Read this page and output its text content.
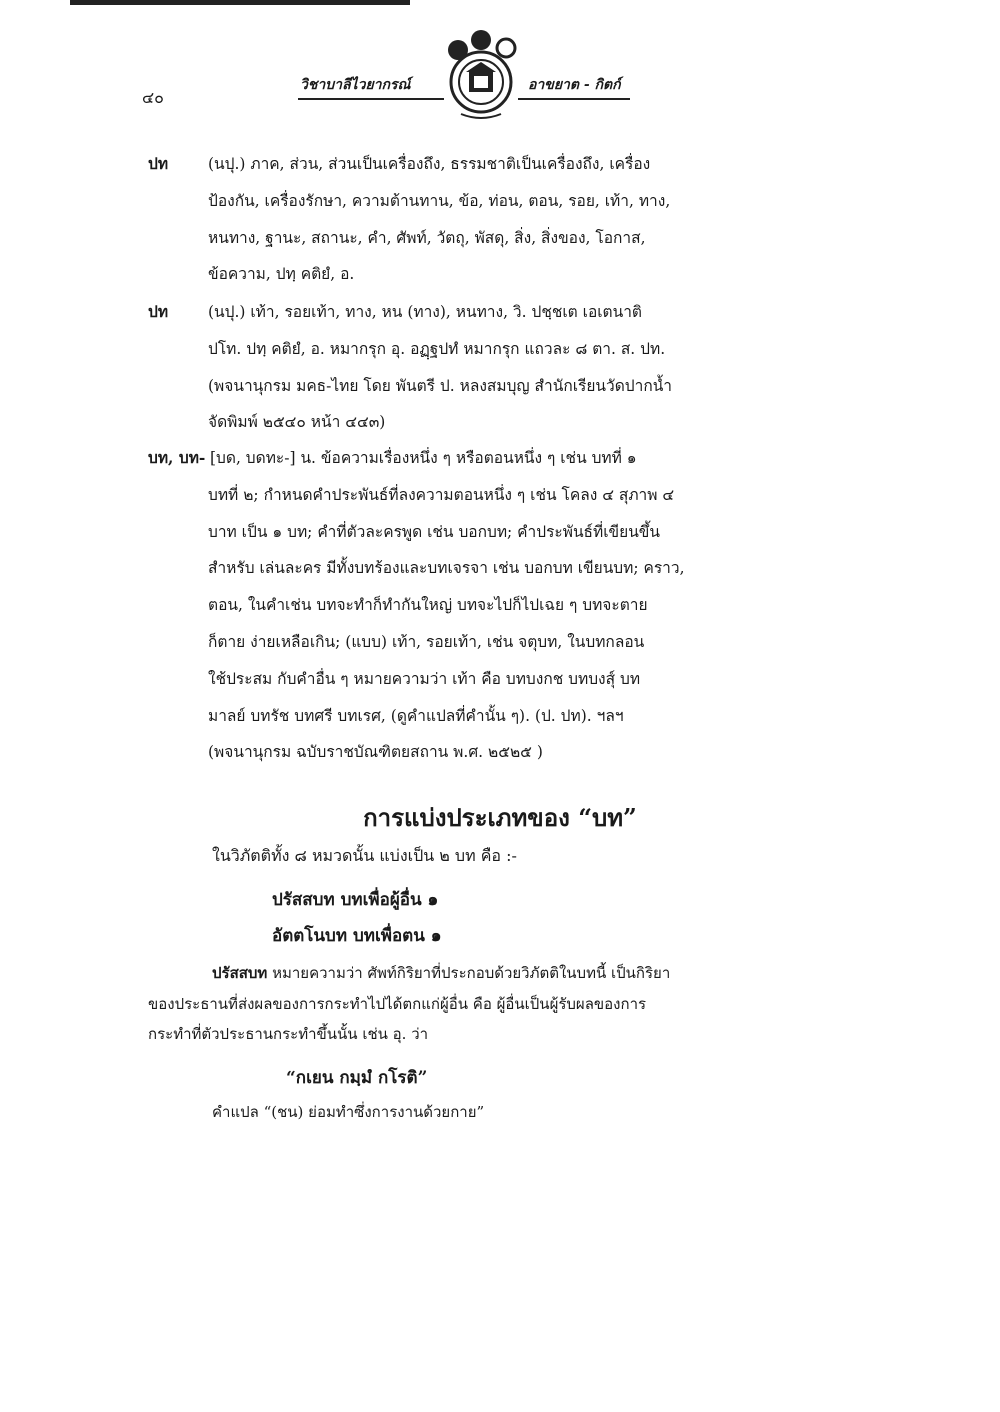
๔๐
วิชาบาลีไวยากรณ์	อาขยาต - กิตก์
ปท	(นปุ.) ภาค, ส่วน, ส่วนเป็นเครื่องถึง, ธรรมชาติเป็นเครื่องถึง, เครื่อง
ป้องกัน, เครื่องรักษา, ความต้านทาน, ข้อ, ท่อน, ตอน, รอย, เท้า, ทาง,
หนทาง, ฐานะ, สถานะ, คำ, ศัพท์, วัตถุ, พัสดุ, สิ่ง, สิ่งของ, โอกาส,
ข้อความ, ปทฺ คติยํ, อ.
ปท	(นปุ.) เท้า, รอยเท้า, ทาง, หน (ทาง), หนทาง, วิ. ปชฺชเต เอเตนาติ
ปโท. ปทฺ คติยํ, อ. หมากรุก อุ. อฏฺฐปทํ หมากรุก แถวละ ๘ ตา. ส. ปท.
(พจนานุกรม มคธ-ไทย โดย พันตรี ป. หลงสมบุญ สำนักเรียนวัดปากน้ำ
จัดพิมพ์ ๒๕๔๐ หน้า ๔๔๓)
บท, บท- [บด, บดทะ-] น. ข้อความเรื่องหนึ่ง ๆ หรือตอนหนึ่ง ๆ เช่น บทที่ ๑
บทที่ ๒; กำหนดคำประพันธ์ที่ลงความตอนหนึ่ง ๆ เช่น โคลง ๔ สุภาพ ๔
บาท เป็น ๑ บท; คำที่ตัวละครพูด เช่น บอกบท; คำประพันธ์ที่เขียนขึ้น
สำหรับ เล่นละคร มีทั้งบทร้องและบทเจรจา เช่น บอกบท เขียนบท; คราว,
ตอน, ในคำเช่น บทจะทำก็ทำกันใหญ่ บทจะไปก็ไปเฉย ๆ บทจะตาย
ก็ตาย ง่ายเหลือเกิน; (แบบ) เท้า, รอยเท้า, เช่น จตุบท, ในบทกลอน
ใช้ประสม กับคำอื่น ๆ หมายความว่า เท้า คือ บทบงกช บทบงสุ์ บท
มาลย์ บทรัช บทศรี บทเรศ, (ดูคำแปลที่คำนั้น ๆ). (ป. ปท). ฯลฯ
(พจนานุกรม ฉบับราชบัณฑิตยสถาน พ.ศ. ๒๕๒๕ )
การแบ่งประเภทของ “บท”
ในวิภัตติทั้ง ๘ หมวดนั้น แบ่งเป็น ๒ บท คือ :-
ปรัสสบท บทเพื่อผู้อื่น ๑
อัตตโนบท บทเพื่อตน ๑
ปรัสสบท หมายความว่า ศัพท์กิริยาที่ประกอบด้วยวิภัตติในบทนี้ เป็นกิริยา
ของประธานที่ส่งผลของการกระทำไปได้ตกแก่ผู้อื่น คือ ผู้อื่นเป็นผู้รับผลของการ
กระทำที่ตัวประธานกระทำขึ้นนั้น เช่น อุ. ว่า
“กเยน กมฺมํ กโรติ”
คำแปล “(ชน) ย่อมทำซึ่งการงานด้วยกาย”
